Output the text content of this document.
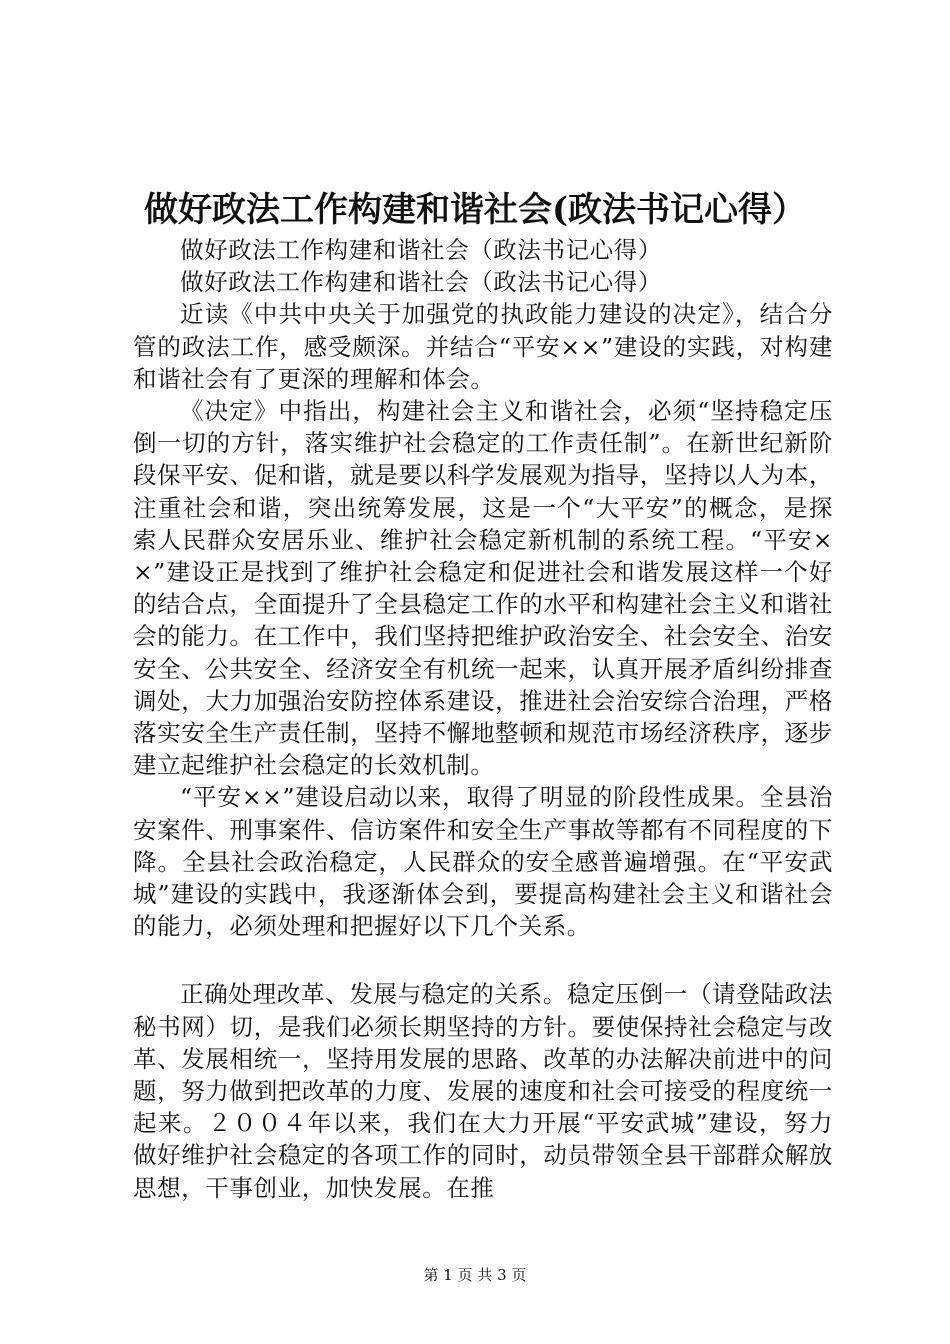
做好政法工作构建和谐社会(政法书记心得）

做好政法工作构建和谐社会（政法书记心得）

做好政法工作构建和谐社会（政法书记心得）

近读《中共中央关于加强党的执政能力建设的决定》，结合分管的政法工作，感受颇深。并结合“平安××”建设的实践，对构建和谐社会有了更深的理解和体会。

《决定》中指出，构建社会主义和谐社会，必须“坚持稳定压倒一切的方针，落实维护社会稳定的工作责任制”。在新世纪新阶段保平安、促和谐，就是要以科学发展观为指导，坚持以人为本，注重社会和谐，突出统筹发展，这是一个“大平安”的概念，是探索人民群众安居乐业、维护社会稳定新机制的系统工程。“平安××”建设正是找到了维护社会稳定和促进社会和谐发展这样一个好的结合点，全面提升了全县稳定工作的水平和构建社会主义和谐社会的能力。在工作中，我们坚持把维护政治安全、社会安全、治安安全、公共安全、经济安全有机统一起来，认真开展矛盾纠纷排查调处，大力加强治安防控体系建设，推进社会治安综合治理，严格落实安全生产责任制，坚持不懈地整顿和规范市场经济秩序，逐步建立起维护社会稳定的长效机制。

“平安××”建设启动以来，取得了明显的阶段性成果。全县治安案件、刑事案件、信访案件和安全生产事故等都有不同程度的下降。全县社会政治稳定，人民群众的安全感普遍增强。在“平安武城”建设的实践中，我逐渐体会到，要提高构建社会主义和谐社会的能力，必须处理和把握好以下几个关系。

正确处理改革、发展与稳定的关系。稳定压倒一（请登陆政法秘书网）切，是我们必须长期坚持的方针。要使保持社会稳定与改革、发展相统一，坚持用发展的思路、改革的办法解决前进中的问题，努力做到把改革的力度、发展的速度和社会可接受的程度统一起来。２００４年以来，我们在大力开展“平安武城”建设，努力做好维护社会稳定的各项工作的同时，动员带领全县干部群众解放思想，干事创业，加快发展。在推

第 1 页 共 3 页
